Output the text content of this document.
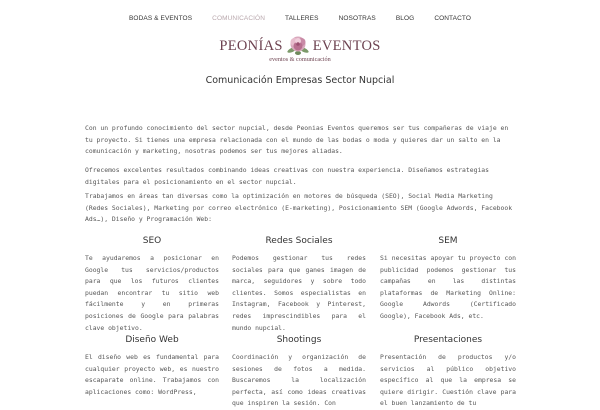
BODAS & EVENTOS	COMUNICACIÓN	TALLERES	NOSOTRAS	BLOG	CONTACTO
PEONÍAS EVENTOS
eventos & comunicación
Comunicación Empresas Sector Nupcial

Con un profundo conocimiento del sector nupcial, desde Peonias Eventos queremos ser tus compañeras de viaje en tu proyecto. Si tienes una empresa relacionada con el mundo de las bodas o moda y quieres dar un salto en la comunicación y marketing, nosotras podemos ser tus mejores aliadas.

Ofrecemos excelentes resultados combinando ideas creativas con nuestra experiencia. Diseñamos estrategias digitales para el posicionamiento en el sector nupcial.

Trabajamos en áreas tan diversas como la optimización en motores de búsqueda (SEO), Social Media Marketing (Redes Sociales), Marketing por correo electrónico (E-marketing), Posicionamiento SEM (Google Adwords, Facebook Ads…), Diseño y Programación Web:

SEO
Te ayudaremos a posicionar en Google tus servicios/productos para que los futuros clientes puedan encontrar tu sitio web fácilmente y en primeras posiciones de Google para palabras clave objetivo.
Redes Sociales
Podemos gestionar tus redes sociales para que ganes imagen de marca, seguidores y sobre todo clientes. Somos especialistas en Instagram, Facebook y Pinterest, redes imprescindibles para el mundo nupcial.
SEM
Si necesitas apoyar tu proyecto con publicidad podemos gestionar tus campañas en las distintas plataformas de Marketing Online: Google Adwords (Certificado Google), Facebook Ads, etc.
Diseño Web
El diseño web es fundamental para cualquier proyecto web, es nuestro escaparate online. Trabajamos con aplicaciones como: WordPress,
Shootings
Coordinación y organización de sesiones de fotos a medida. Buscaremos la localización perfecta, así como ideas creativas que inspiren la sesión. Con
Presentaciones
Presentación de productos y/o servicios al público objetivo específico al que la empresa se quiere dirigir. Cuestión clave para el buen lanzamiento de tu
